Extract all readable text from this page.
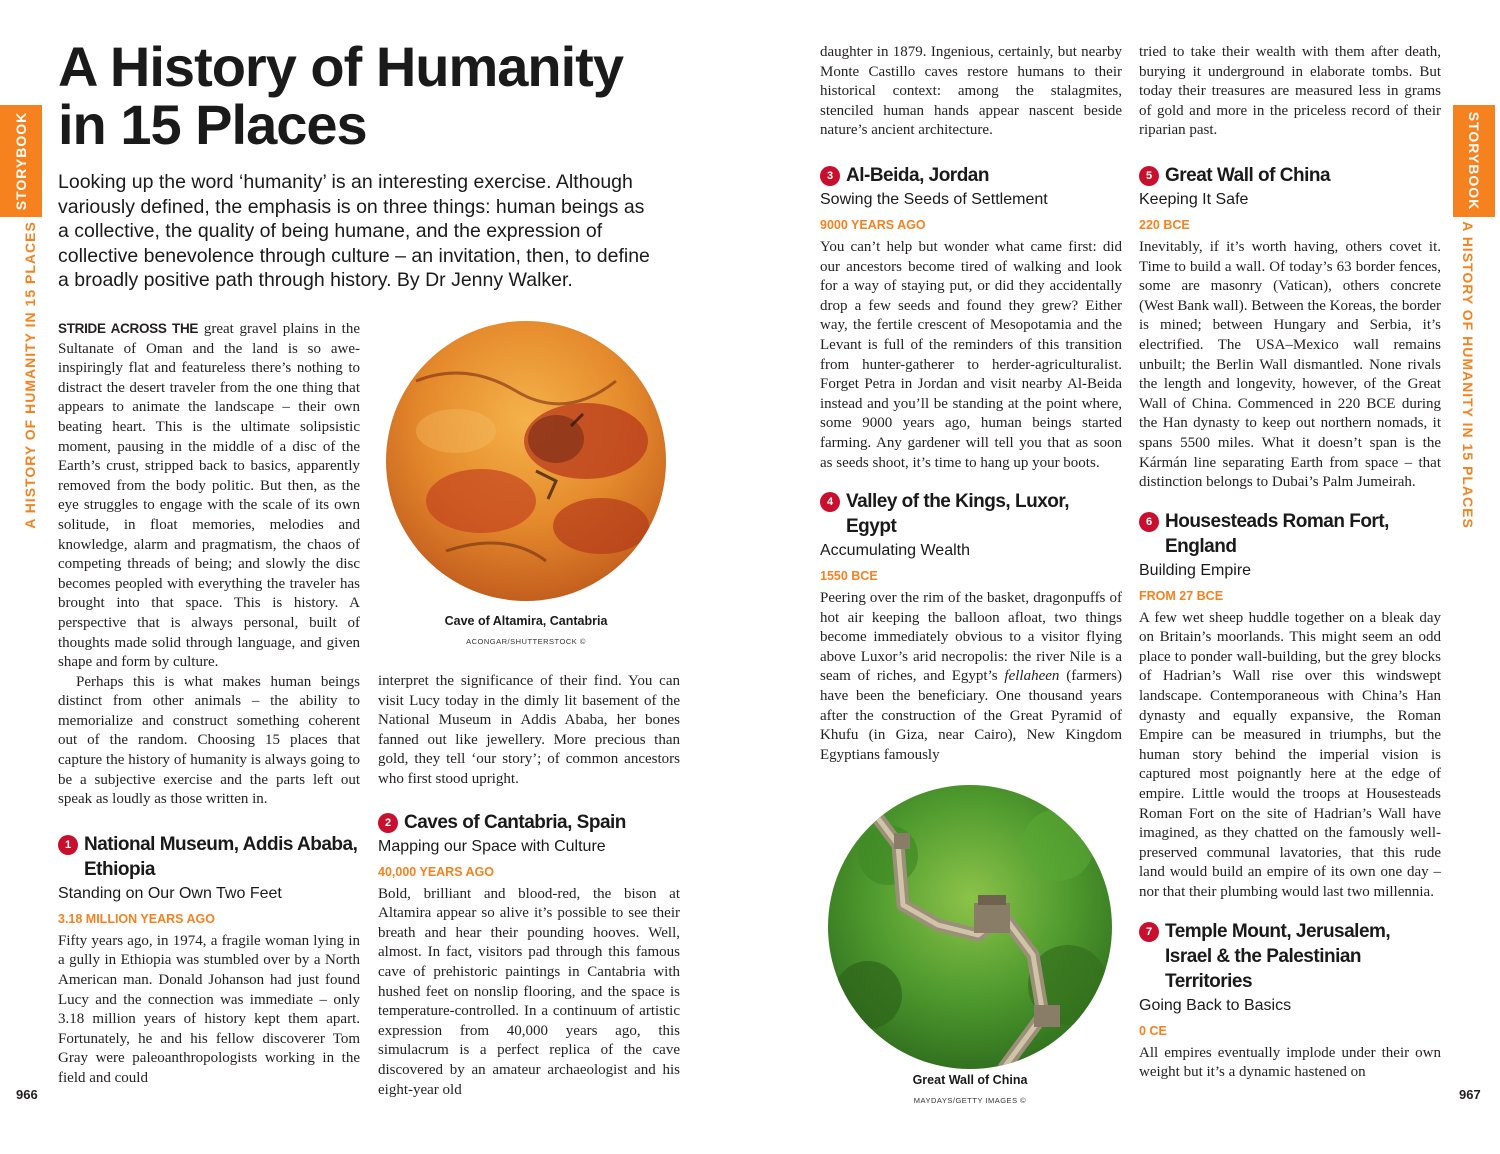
STORYBOOK
A HISTORY OF HUMANITY IN 15 PLACES
STORYBOOK
A HISTORY OF HUMANITY IN 15 PLACES
A History of Humanity
in 15 Places

Looking up the word ‘humanity’ is an interesting exercise. Although variously defined, the emphasis is on three things: human beings as a collective, the quality of being humane, and the expression of collective benevolence through culture – an invitation, then, to define a broadly positive path through history. By Dr Jenny Walker.

STRIDE ACROSS THE great gravel plains in the Sultanate of Oman and the land is so awe-inspiringly flat and featureless there’s nothing to distract the desert traveler from the one thing that appears to animate the landscape – their own beating heart. This is the ultimate solipsistic moment, pausing in the middle of a disc of the Earth’s crust, stripped back to basics, apparently removed from the body politic. But then, as the eye struggles to engage with the scale of its own solitude, in float memories, melodies and knowledge, alarm and pragmatism, the chaos of competing threads of being; and slowly the disc becomes peopled with everything the traveler has brought into that space. This is history. A perspective that is always personal, built of thoughts made solid through language, and given shape and form by culture.

Perhaps this is what makes human beings distinct from other animals – the ability to memorialize and construct something coherent out of the random. Choosing 15 places that capture the history of humanity is always going to be a subjective exercise and the parts left out speak as loudly as those written in.

1 National Museum, Addis Ababa, Ethiopia
Standing on Our Own Two Feet
3.18 MILLION YEARS AGO

Fifty years ago, in 1974, a fragile woman lying in a gully in Ethiopia was stumbled over by a North American man. Donald Johanson had just found Lucy and the connection was immediate – only 3.18 million years of history kept them apart. Fortunately, he and his fellow discoverer Tom Gray were paleoanthropologists working in the field and could

Cave of Altamira, Cantabria
ACONGAR/SHUTTERSTOCK ©

interpret the significance of their find. You can visit Lucy today in the dimly lit basement of the National Museum in Addis Ababa, her bones fanned out like jewellery. More precious than gold, they tell ‘our story’; of common ancestors who first stood upright.

2 Caves of Cantabria, Spain
Mapping our Space with Culture
40,000 YEARS AGO

Bold, brilliant and blood-red, the bison at Altamira appear so alive it’s possible to see their breath and hear their pounding hooves. Well, almost. In fact, visitors pad through this famous cave of prehistoric paintings in Cantabria with hushed feet on nonslip flooring, and the space is temperature-controlled. In a continuum of artistic expression from 40,000 years ago, this simulacrum is a perfect replica of the cave discovered by an amateur archaeologist and his eight-year old

daughter in 1879. Ingenious, certainly, but nearby Monte Castillo caves restore humans to their historical context: among the stalagmites, stenciled human hands appear nascent beside nature’s ancient architecture.

3 Al-Beida, Jordan
Sowing the Seeds of Settlement
9000 YEARS AGO

You can’t help but wonder what came first: did our ancestors become tired of walking and look for a way of staying put, or did they accidentally drop a few seeds and found they grew? Either way, the fertile crescent of Mesopotamia and the Levant is full of the reminders of this transition from hunter-gatherer to herder-agriculturalist. Forget Petra in Jordan and visit nearby Al-Beida instead and you’ll be standing at the point where, some 9000 years ago, human beings started farming. Any gardener will tell you that as soon as seeds shoot, it’s time to hang up your boots.

4 Valley of the Kings, Luxor, Egypt
Accumulating Wealth
1550 BCE

Peering over the rim of the basket, dragonpuffs of hot air keeping the balloon afloat, two things become immediately obvious to a visitor flying above Luxor’s arid necropolis: the river Nile is a seam of riches, and Egypt’s fellaheen (farmers) have been the beneficiary. One thousand years after the construction of the Great Pyramid of Khufu (in Giza, near Cairo), New Kingdom Egyptians famously

Great Wall of China
MAYDAYS/GETTY IMAGES ©

tried to take their wealth with them after death, burying it underground in elaborate tombs. But today their treasures are measured less in grams of gold and more in the priceless record of their riparian past.

5 Great Wall of China
Keeping It Safe
220 BCE

Inevitably, if it’s worth having, others covet it. Time to build a wall. Of today’s 63 border fences, some are masonry (Vatican), others concrete (West Bank wall). Between the Koreas, the border is mined; between Hungary and Serbia, it’s electrified. The USA–Mexico wall remains unbuilt; the Berlin Wall dismantled. None rivals the length and longevity, however, of the Great Wall of China. Commenced in 220 BCE during the Han dynasty to keep out northern nomads, it spans 5500 miles. What it doesn’t span is the Kármán line separating Earth from space – that distinction belongs to Dubai’s Palm Jumeirah.

6 Housesteads Roman Fort, England
Building Empire
FROM 27 BCE

A few wet sheep huddle together on a bleak day on Britain’s moorlands. This might seem an odd place to ponder wall-building, but the grey blocks of Hadrian’s Wall rise over this windswept landscape. Contemporaneous with China’s Han dynasty and equally expansive, the Roman Empire can be measured in triumphs, but the human story behind the imperial vision is captured most poignantly here at the edge of empire. Little would the troops at Housesteads Roman Fort on the site of Hadrian’s Wall have imagined, as they chatted on the famously well-preserved communal lavatories, that this rude land would build an empire of its own one day – nor that their plumbing would last two millennia.

7 Temple Mount, Jerusalem, Israel & the Palestinian Territories
Going Back to Basics
0 CE

All empires eventually implode under their own weight but it’s a dynamic hastened on

966	967
